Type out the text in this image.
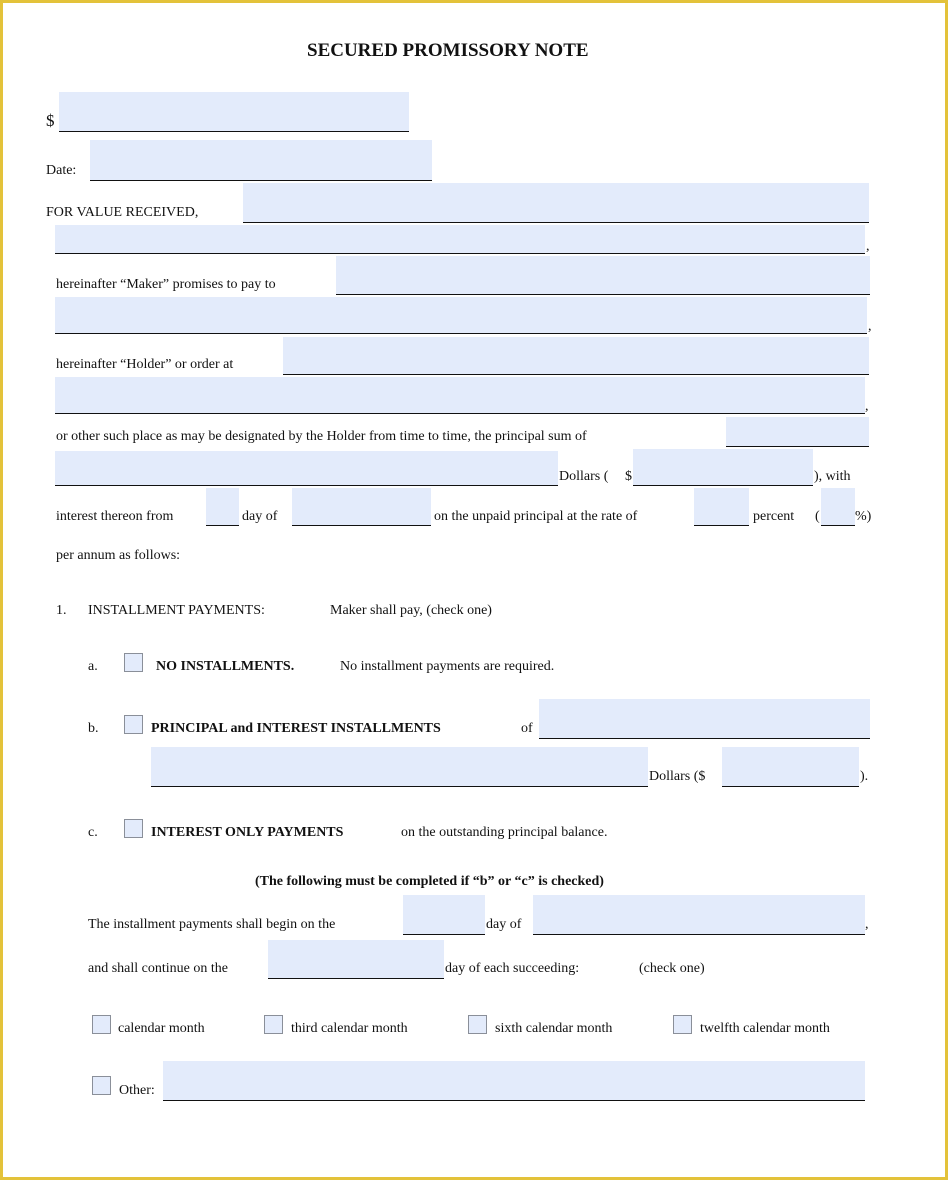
SECURED PROMISSORY NOTE
$
Date:
FOR VALUE RECEIVED,
,
hereinafter “Maker” promises to pay to
,
hereinafter “Holder” or order at
,
or other such place as may be designated by the Holder from time to time, the principal sum of
Dollars ( $	), with
interest thereon from	day of	on the unpaid principal at the rate of	percent (	%)
per annum as follows:
1. INSTALLMENT PAYMENTS:	Maker shall pay, (check one)
a.	NO INSTALLMENTS.	No installment payments are required.
b.	PRINCIPAL and INTEREST INSTALLMENTS	of
Dollars ($	).
c.	INTEREST ONLY PAYMENTS	on the outstanding principal balance.
(The following must be completed if “b” or “c” is checked)
The installment payments shall begin on the	day of	,
and shall continue on the	day of each succeeding:	(check one)
calendar month	third calendar month	sixth calendar month	twelfth calendar month
Other:
